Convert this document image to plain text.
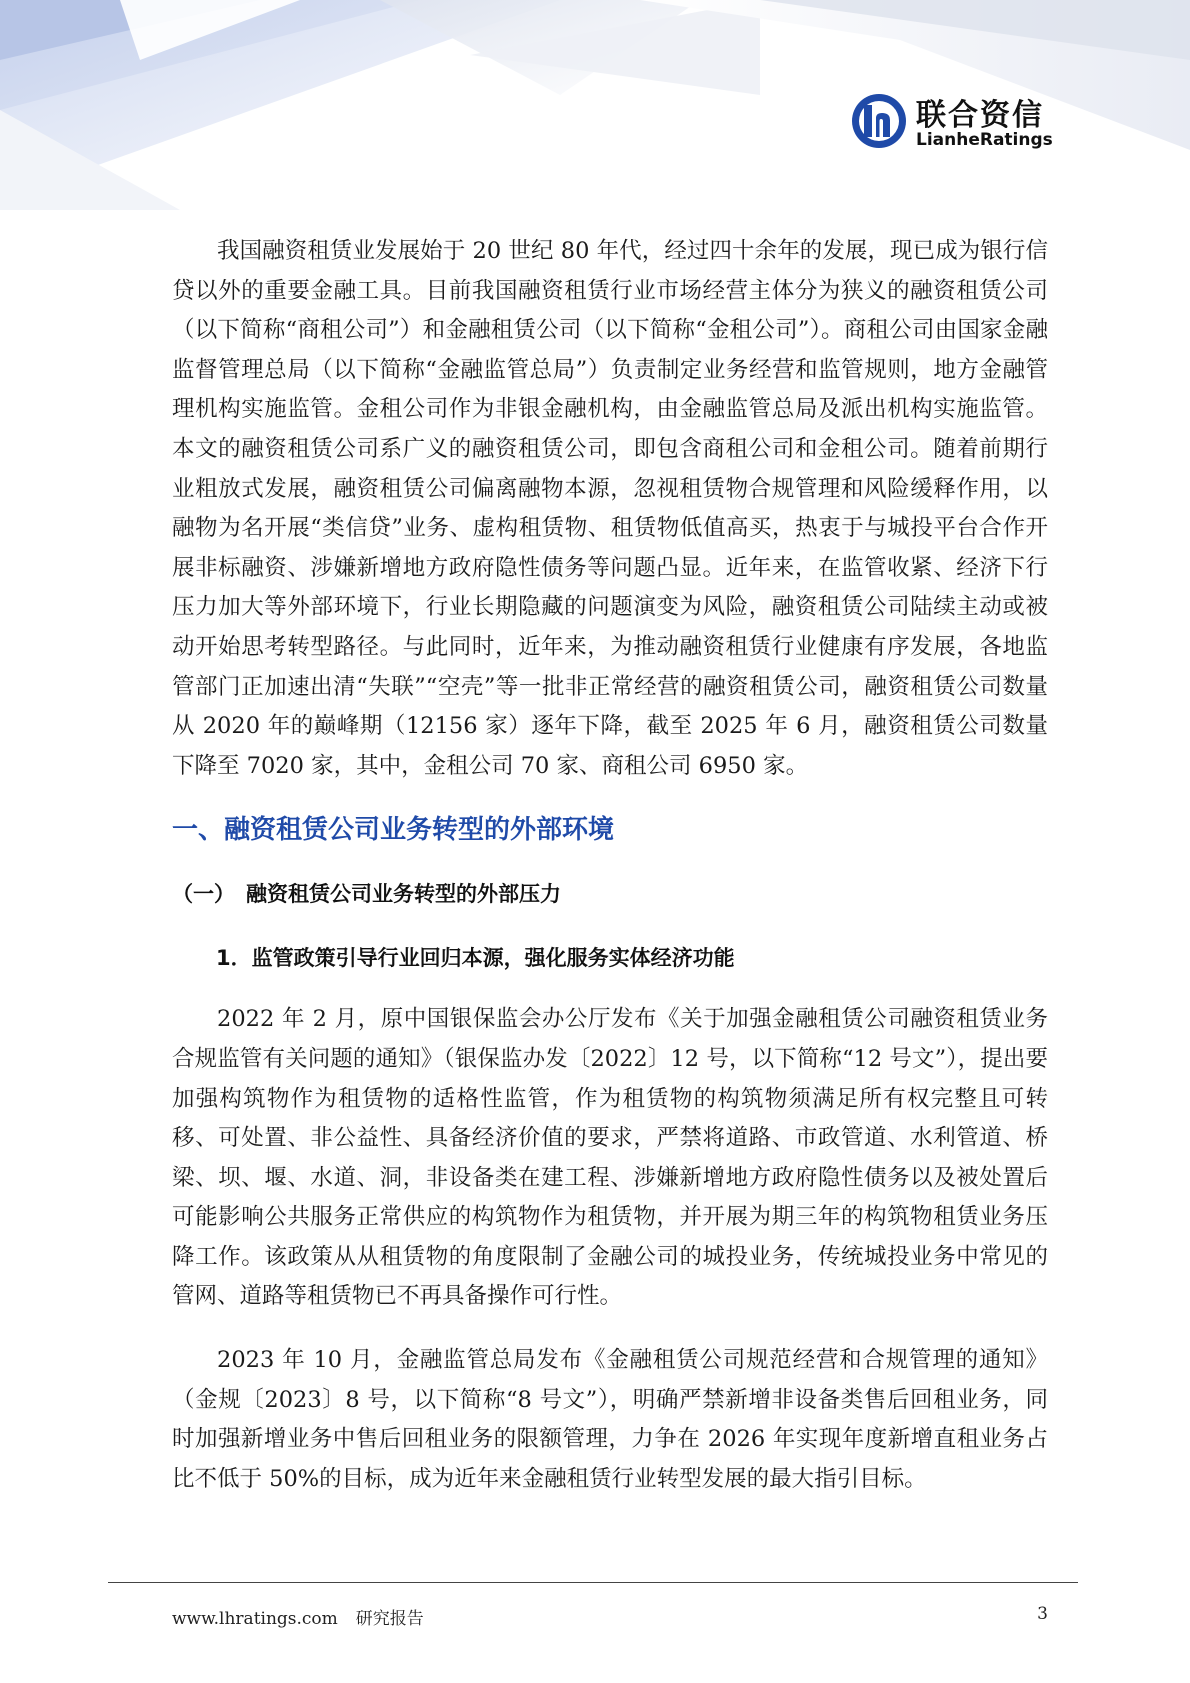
联合资信
LianheRatings

我国融资租赁业发展始于 20 世纪 80 年代，经过四十余年的发展，现已成为银行信贷以外的重要金融工具。目前我国融资租赁行业市场经营主体分为狭义的融资租赁公司（以下简称“商租公司”）和金融租赁公司（以下简称“金租公司”）。商租公司由国家金融监督管理总局（以下简称“金融监管总局”）负责制定业务经营和监管规则，地方金融管理机构实施监管。金租公司作为非银金融机构，由金融监管总局及派出机构实施监管。本文的融资租赁公司系广义的融资租赁公司，即包含商租公司和金租公司。随着前期行业粗放式发展，融资租赁公司偏离融物本源，忽视租赁物合规管理和风险缓释作用，以融物为名开展“类信贷”业务、虚构租赁物、租赁物低值高买，热衷于与城投平台合作开展非标融资、涉嫌新增地方政府隐性债务等问题凸显。近年来，在监管收紧、经济下行压力加大等外部环境下，行业长期隐藏的问题演变为风险，融资租赁公司陆续主动或被动开始思考转型路径。与此同时，近年来，为推动融资租赁行业健康有序发展，各地监管部门正加速出清“失联”“空壳”等一批非正常经营的融资租赁公司，融资租赁公司数量从 2020 年的巅峰期（12156 家）逐年下降，截至 2025 年 6 月，融资租赁公司数量下降至 7020 家，其中，金租公司 70 家、商租公司 6950 家。

一、融资租赁公司业务转型的外部环境
（一） 融资租赁公司业务转型的外部压力
1．监管政策引导行业回归本源，强化服务实体经济功能

2022 年 2 月，原中国银保监会办公厅发布《关于加强金融租赁公司融资租赁业务合规监管有关问题的通知》（银保监办发〔2022〕12 号，以下简称“12 号文”），提出要加强构筑物作为租赁物的适格性监管，作为租赁物的构筑物须满足所有权完整且可转移、可处置、非公益性、具备经济价值的要求，严禁将道路、市政管道、水利管道、桥梁、坝、堰、水道、洞，非设备类在建工程、涉嫌新增地方政府隐性债务以及被处置后可能影响公共服务正常供应的构筑物作为租赁物，并开展为期三年的构筑物租赁业务压降工作。该政策从从租赁物的角度限制了金融公司的城投业务，传统城投业务中常见的管网、道路等租赁物已不再具备操作可行性。

2023 年 10 月，金融监管总局发布《金融租赁公司规范经营和合规管理的通知》（金规〔2023〕8 号，以下简称“8 号文”），明确严禁新增非设备类售后回租业务，同时加强新增业务中售后回租业务的限额管理，力争在 2026 年实现年度新增直租业务占比不低于 50%的目标，成为近年来金融租赁行业转型发展的最大指引目标。

www.lhratings.com 研究报告	3
